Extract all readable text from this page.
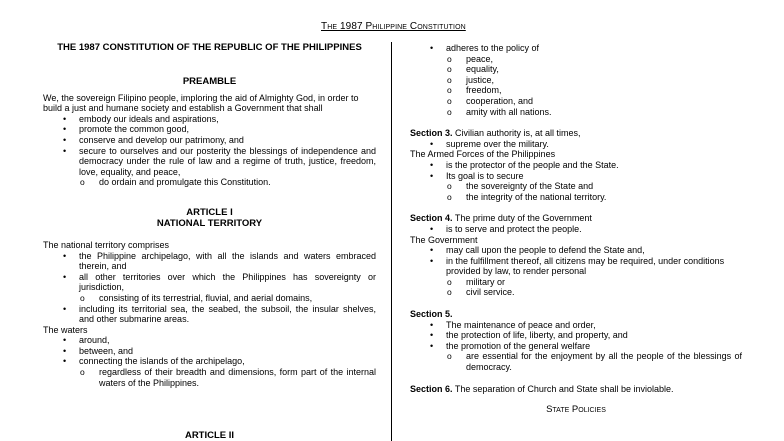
The 1987 Philippine Constitution
THE 1987 CONSTITUTION OF THE REPUBLIC OF THE PHILIPPINES
PREAMBLE

We, the sovereign Filipino people, imploring the aid of Almighty God, in order to build a just and humane society and establish a Government that shall

• embody our ideals and aspirations,
• promote the common good,
• conserve and develop our patrimony, and
• secure to ourselves and our posterity the blessings of independence and democracy under the rule of law and a regime of truth, justice, freedom, love, equality, and peace,
o do ordain and promulgate this Constitution.
ARTICLE I
NATIONAL TERRITORY

The national territory comprises

• the Philippine archipelago, with all the islands and waters embraced therein, and
• all other territories over which the Philippines has sovereignty or jurisdiction,
o consisting of its terrestrial, fluvial, and aerial domains,
• including its territorial sea, the seabed, the subsoil, the insular shelves, and other submarine areas.

The waters

• around,
• between, and
• connecting the islands of the archipelago,
o regardless of their breadth and dimensions, form part of the internal waters of the Philippines.
ARTICLE II
• adheres to the policy of
o peace,
o equality,
o justice,
o freedom,
o cooperation, and
o amity with all nations.

Section 3. Civilian authority is, at all times,

• supreme over the military.

The Armed Forces of the Philippines

• is the protector of the people and the State.
• Its goal is to secure
o the sovereignty of the State and
o the integrity of the national territory.

Section 4. The prime duty of the Government

• is to serve and protect the people.

The Government

• may call upon the people to defend the State and,
• in the fulfillment thereof, all citizens may be required, under conditions provided by law, to render personal
o military or
o civil service.

Section 5.

• The maintenance of peace and order,
• the protection of life, liberty, and property, and
• the promotion of the general welfare
o are essential for the enjoyment by all the people of the blessings of democracy.

Section 6. The separation of Church and State shall be inviolable.

State Policies
